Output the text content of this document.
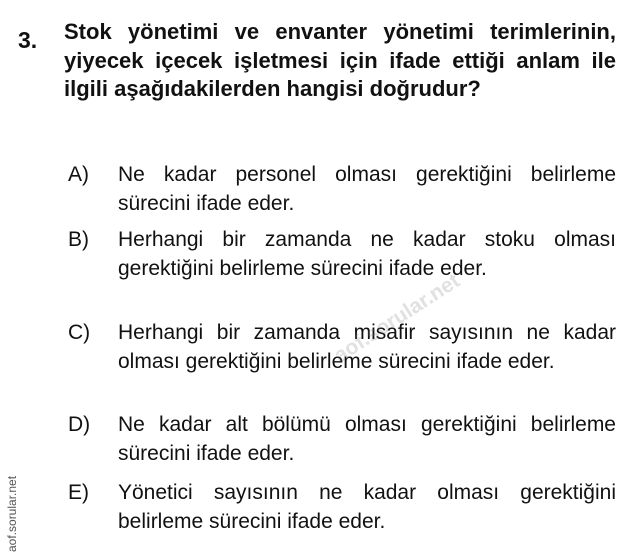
3. Stok yönetimi ve envanter yönetimi terimlerinin, yiyecek içecek işletmesi için ifade ettiği anlam ile ilgili aşağıdakilerden hangisi doğrudur?

A) Ne kadar personel olması gerektiğini belirleme sürecini ifade eder.

B) Herhangi bir zamanda ne kadar stoku olması gerektiğini belirleme sürecini ifade eder.

C) Herhangi bir zamanda misafir sayısının ne kadar olması gerektiğini belirleme sürecini ifade eder.

D) Ne kadar alt bölümü olması gerektiğini belirleme sürecini ifade eder.

E) Yönetici sayısının ne kadar olması gerektiğini belirleme sürecini ifade eder.

aof.sorular.net
aof.sorular.net
